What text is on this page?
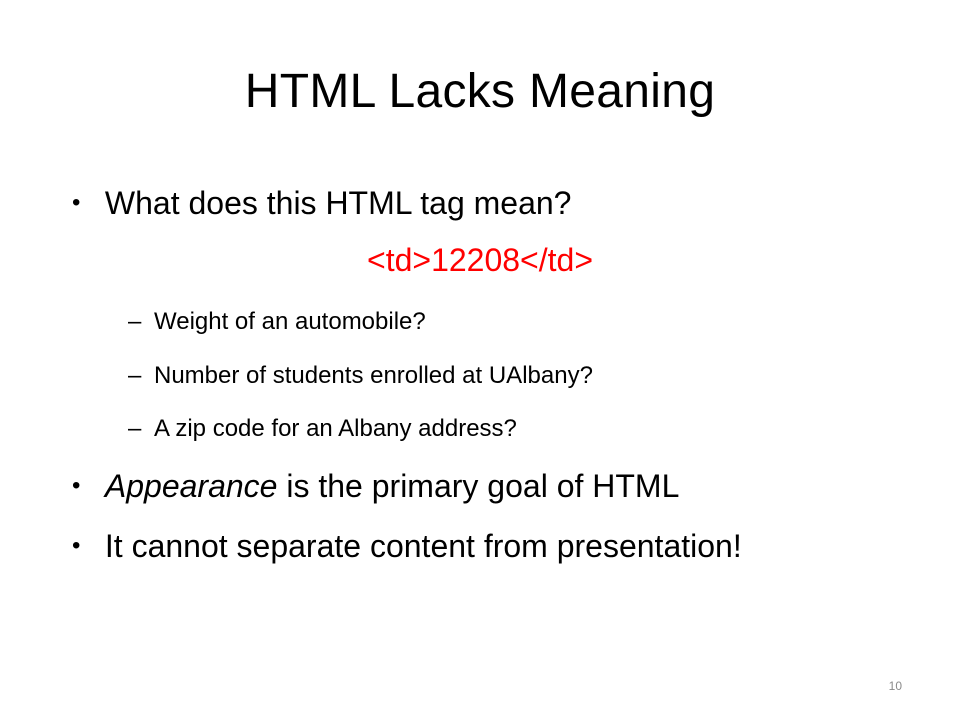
HTML Lacks Meaning
• What does this HTML tag mean?
<td>12208</td>
– Weight of an automobile?
– Number of students enrolled at UAlbany?
– A zip code for an Albany address?
• Appearance is the primary goal of HTML
• It cannot separate content from presentation!
10
